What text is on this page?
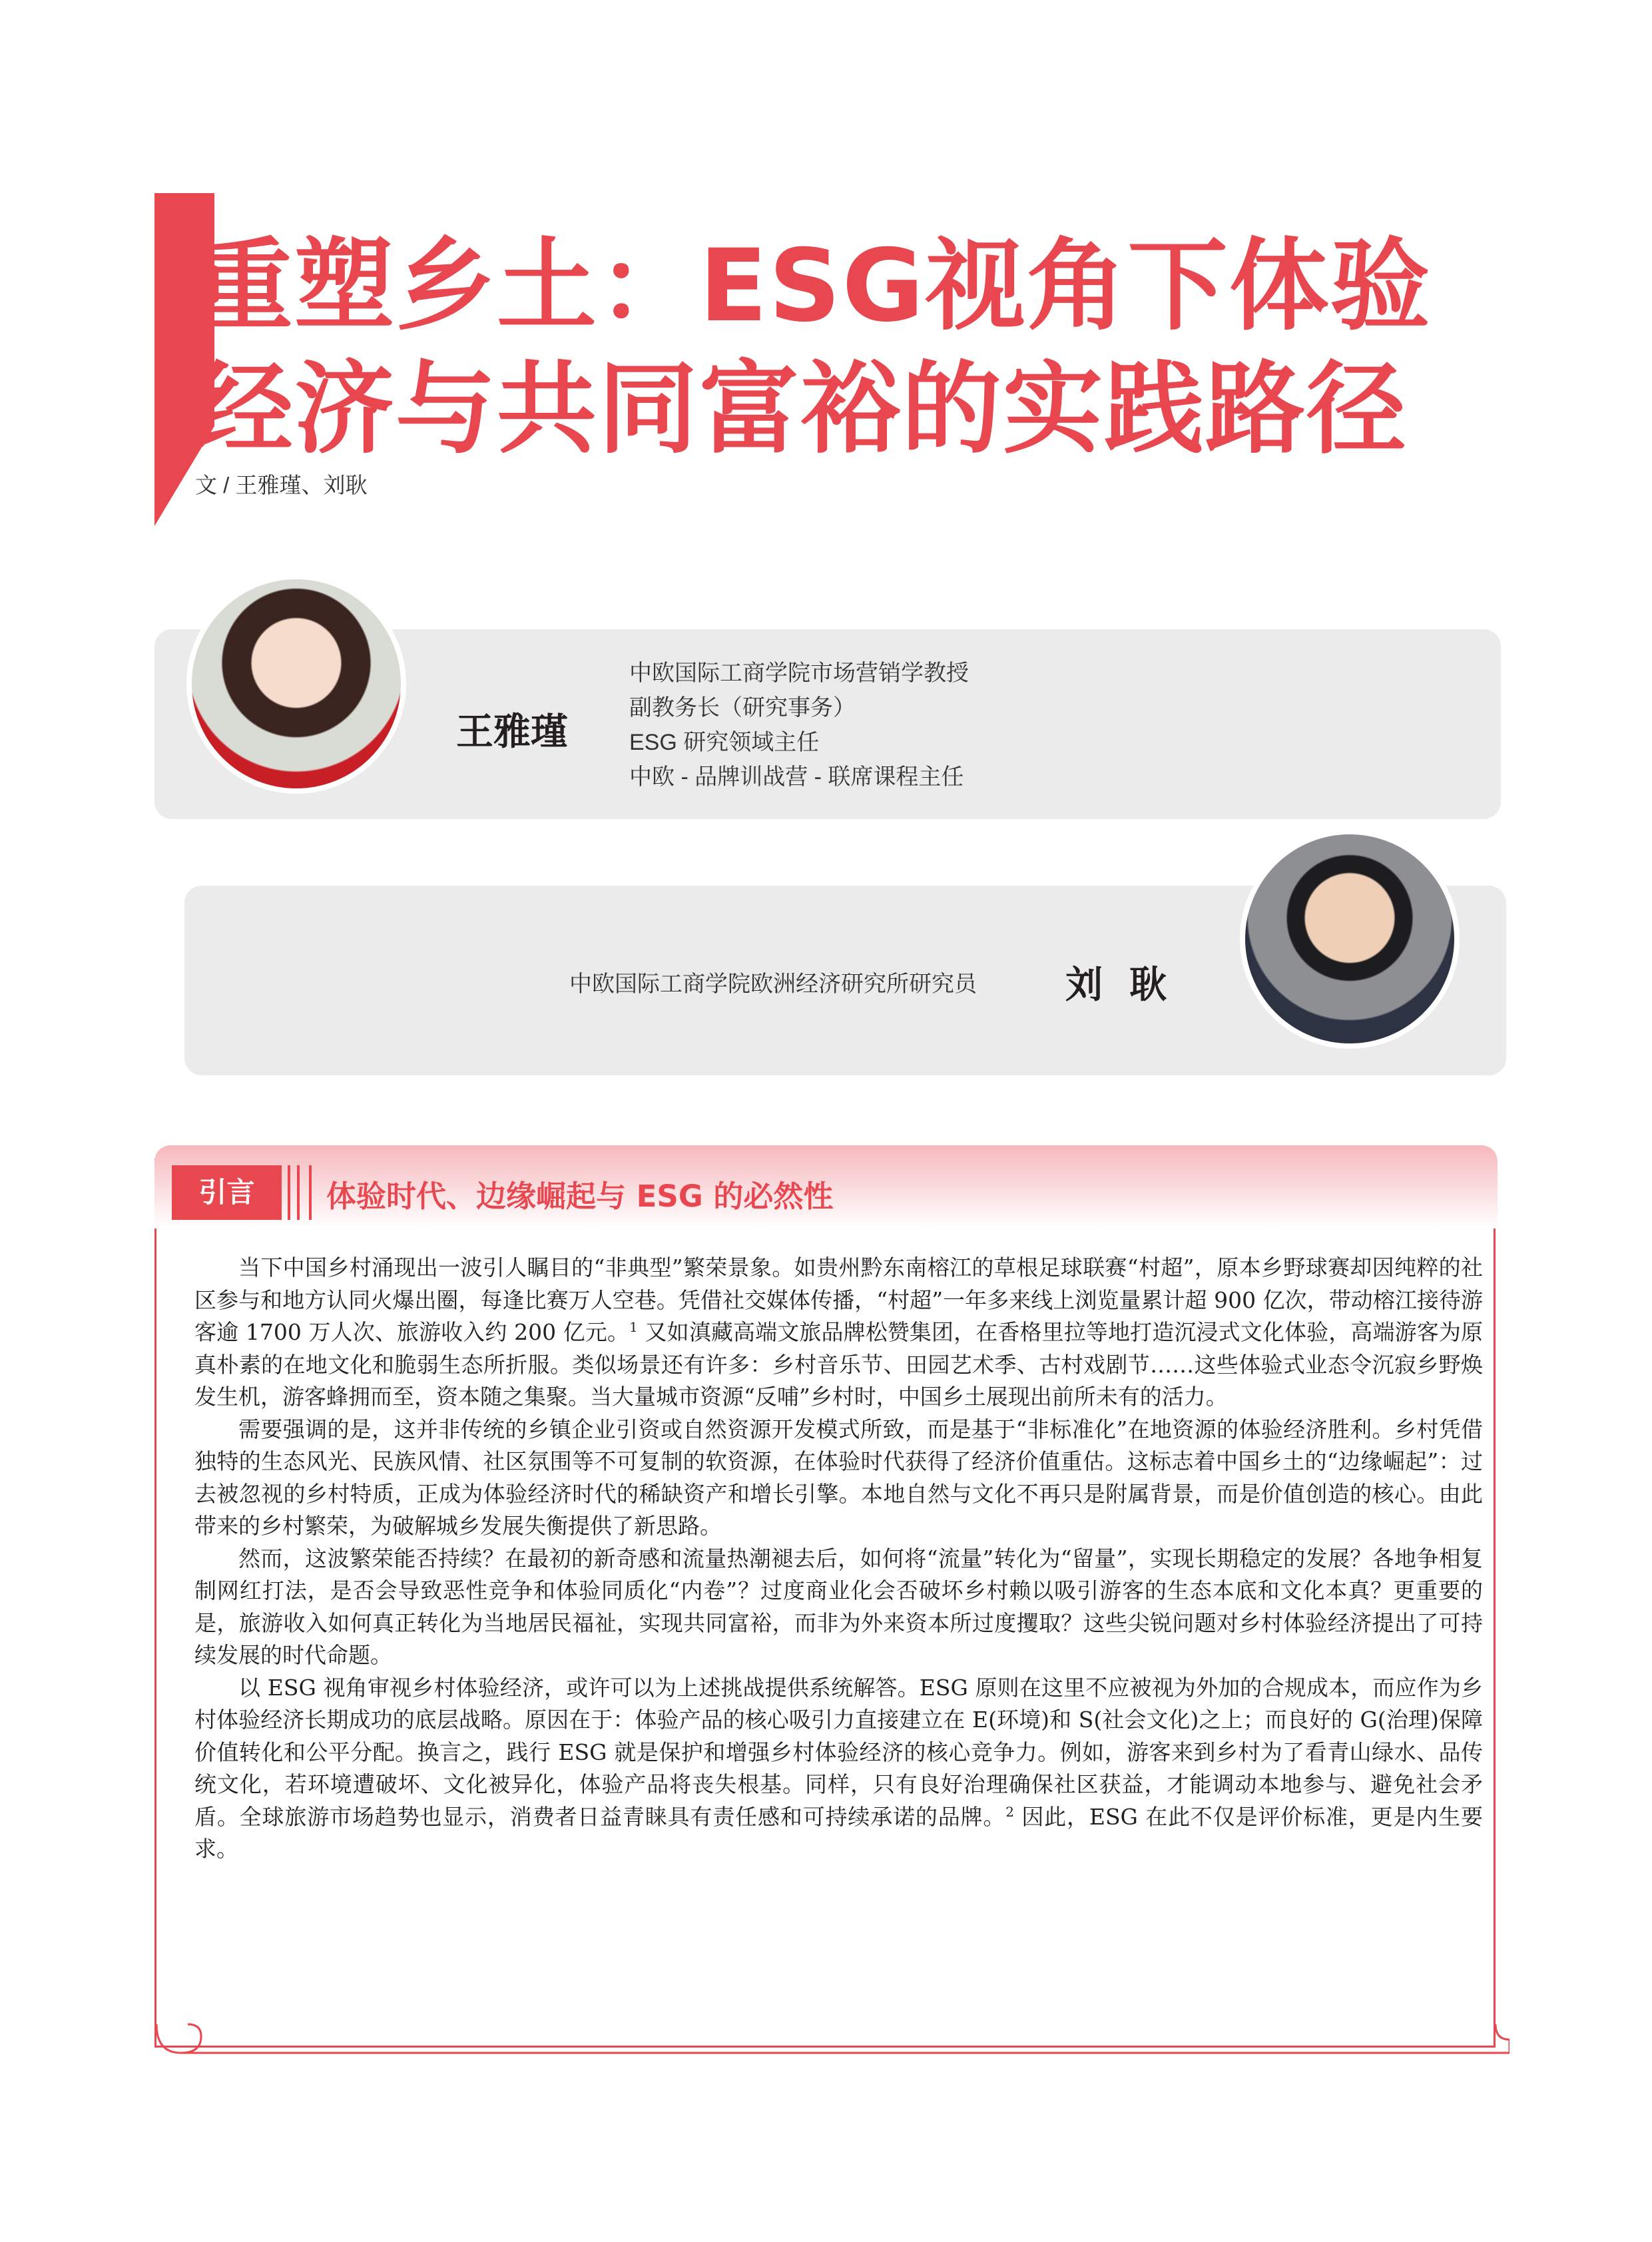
重塑乡土：ESG视角下体验
经济与共同富裕的实践路径
文 / 王雅瑾、刘耿
王雅瑾
中欧国际工商学院市场营销学教授
副教务长（研究事务）
ESG 研究领域主任
中欧 - 品牌训战营 - 联席课程主任
中欧国际工商学院欧洲经济研究所研究员 刘耿
引言	体验时代、边缘崛起与 ESG 的必然性

当下中国乡村涌现出一波引人瞩目的“非典型”繁荣景象。如贵州黔东南榕江的草根足球联赛“村超”，原本乡野球赛却因纯粹的社区参与和地方认同火爆出圈，每逢比赛万人空巷。凭借社交媒体传播，“村超”一年多来线上浏览量累计超 900 亿次，带动榕江接待游客逾 1700 万人次、旅游收入约 200 亿元。$^1$ 又如滇藏高端文旅品牌松赞集团，在香格里拉等地打造沉浸式文化体验，高端游客为原真朴素的在地文化和脆弱生态所折服。类似场景还有许多：乡村音乐节、田园艺术季、古村戏剧节……这些体验式业态令沉寂乡野焕发生机，游客蜂拥而至，资本随之集聚。当大量城市资源“反哺”乡村时，中国乡土展现出前所未有的活力。

需要强调的是，这并非传统的乡镇企业引资或自然资源开发模式所致，而是基于“非标准化”在地资源的体验经济胜利。乡村凭借独特的生态风光、民族风情、社区氛围等不可复制的软资源，在体验时代获得了经济价值重估。这标志着中国乡土的“边缘崛起”：过去被忽视的乡村特质，正成为体验经济时代的稀缺资产和增长引擎。本地自然与文化不再只是附属背景，而是价值创造的核心。由此带来的乡村繁荣，为破解城乡发展失衡提供了新思路。

然而，这波繁荣能否持续？在最初的新奇感和流量热潮褪去后，如何将“流量”转化为“留量”，实现长期稳定的发展？各地争相复制网红打法，是否会导致恶性竞争和体验同质化“内卷”？过度商业化会否破坏乡村赖以吸引游客的生态本底和文化本真？更重要的是，旅游收入如何真正转化为当地居民福祉，实现共同富裕，而非为外来资本所过度攫取？这些尖锐问题对乡村体验经济提出了可持续发展的时代命题。

以 ESG 视角审视乡村体验经济，或许可以为上述挑战提供系统解答。ESG 原则在这里不应被视为外加的合规成本，而应作为乡村体验经济长期成功的底层战略。原因在于：体验产品的核心吸引力直接建立在 E(环境)和 S(社会文化)之上；而良好的 G(治理)保障价值转化和公平分配。换言之，践行 ESG 就是保护和增强乡村体验经济的核心竞争力。例如，游客来到乡村为了看青山绿水、品传统文化，若环境遭破坏、文化被异化，体验产品将丧失根基。同样，只有良好治理确保社区获益，才能调动本地参与、避免社会矛盾。全球旅游市场趋势也显示，消费者日益青睐具有责任感和可持续承诺的品牌。$^2$ 因此，ESG 在此不仅是评价标准，更是内生要求。
